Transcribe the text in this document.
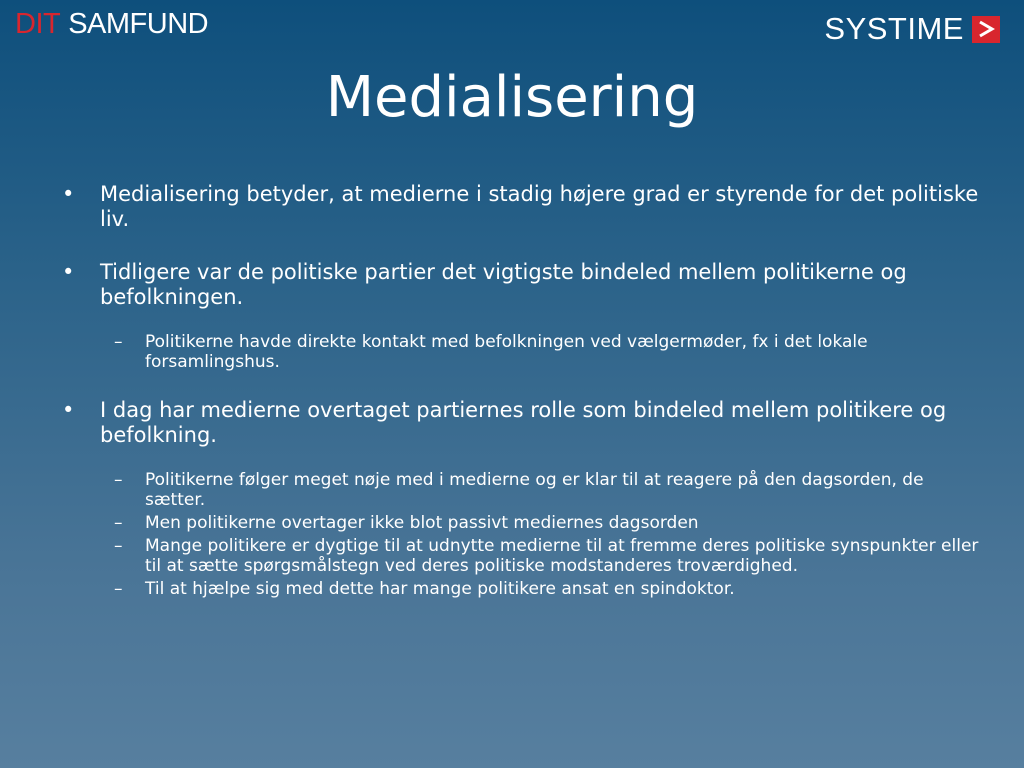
DIT SAMFUND	SYSTIME
Medialisering
• Medialisering betyder, at medierne i stadig højere grad er styrende for det politiske liv.
• Tidligere var de politiske partier det vigtigste bindeled mellem politikerne og befolkningen.
– Politikerne havde direkte kontakt med befolkningen ved vælgermøder, fx i det lokale forsamlingshus.
• I dag har medierne overtaget partiernes rolle som bindeled mellem politikere og befolkning.
– Politikerne følger meget nøje med i medierne og er klar til at reagere på den dagsorden, de sætter.
– Men politikerne overtager ikke blot passivt mediernes dagsorden
– Mange politikere er dygtige til at udnytte medierne til at fremme deres politiske synspunkter eller til at sætte spørgsmålstegn ved deres politiske modstanderes troværdighed.
– Til at hjælpe sig med dette har mange politikere ansat en spindoktor.
